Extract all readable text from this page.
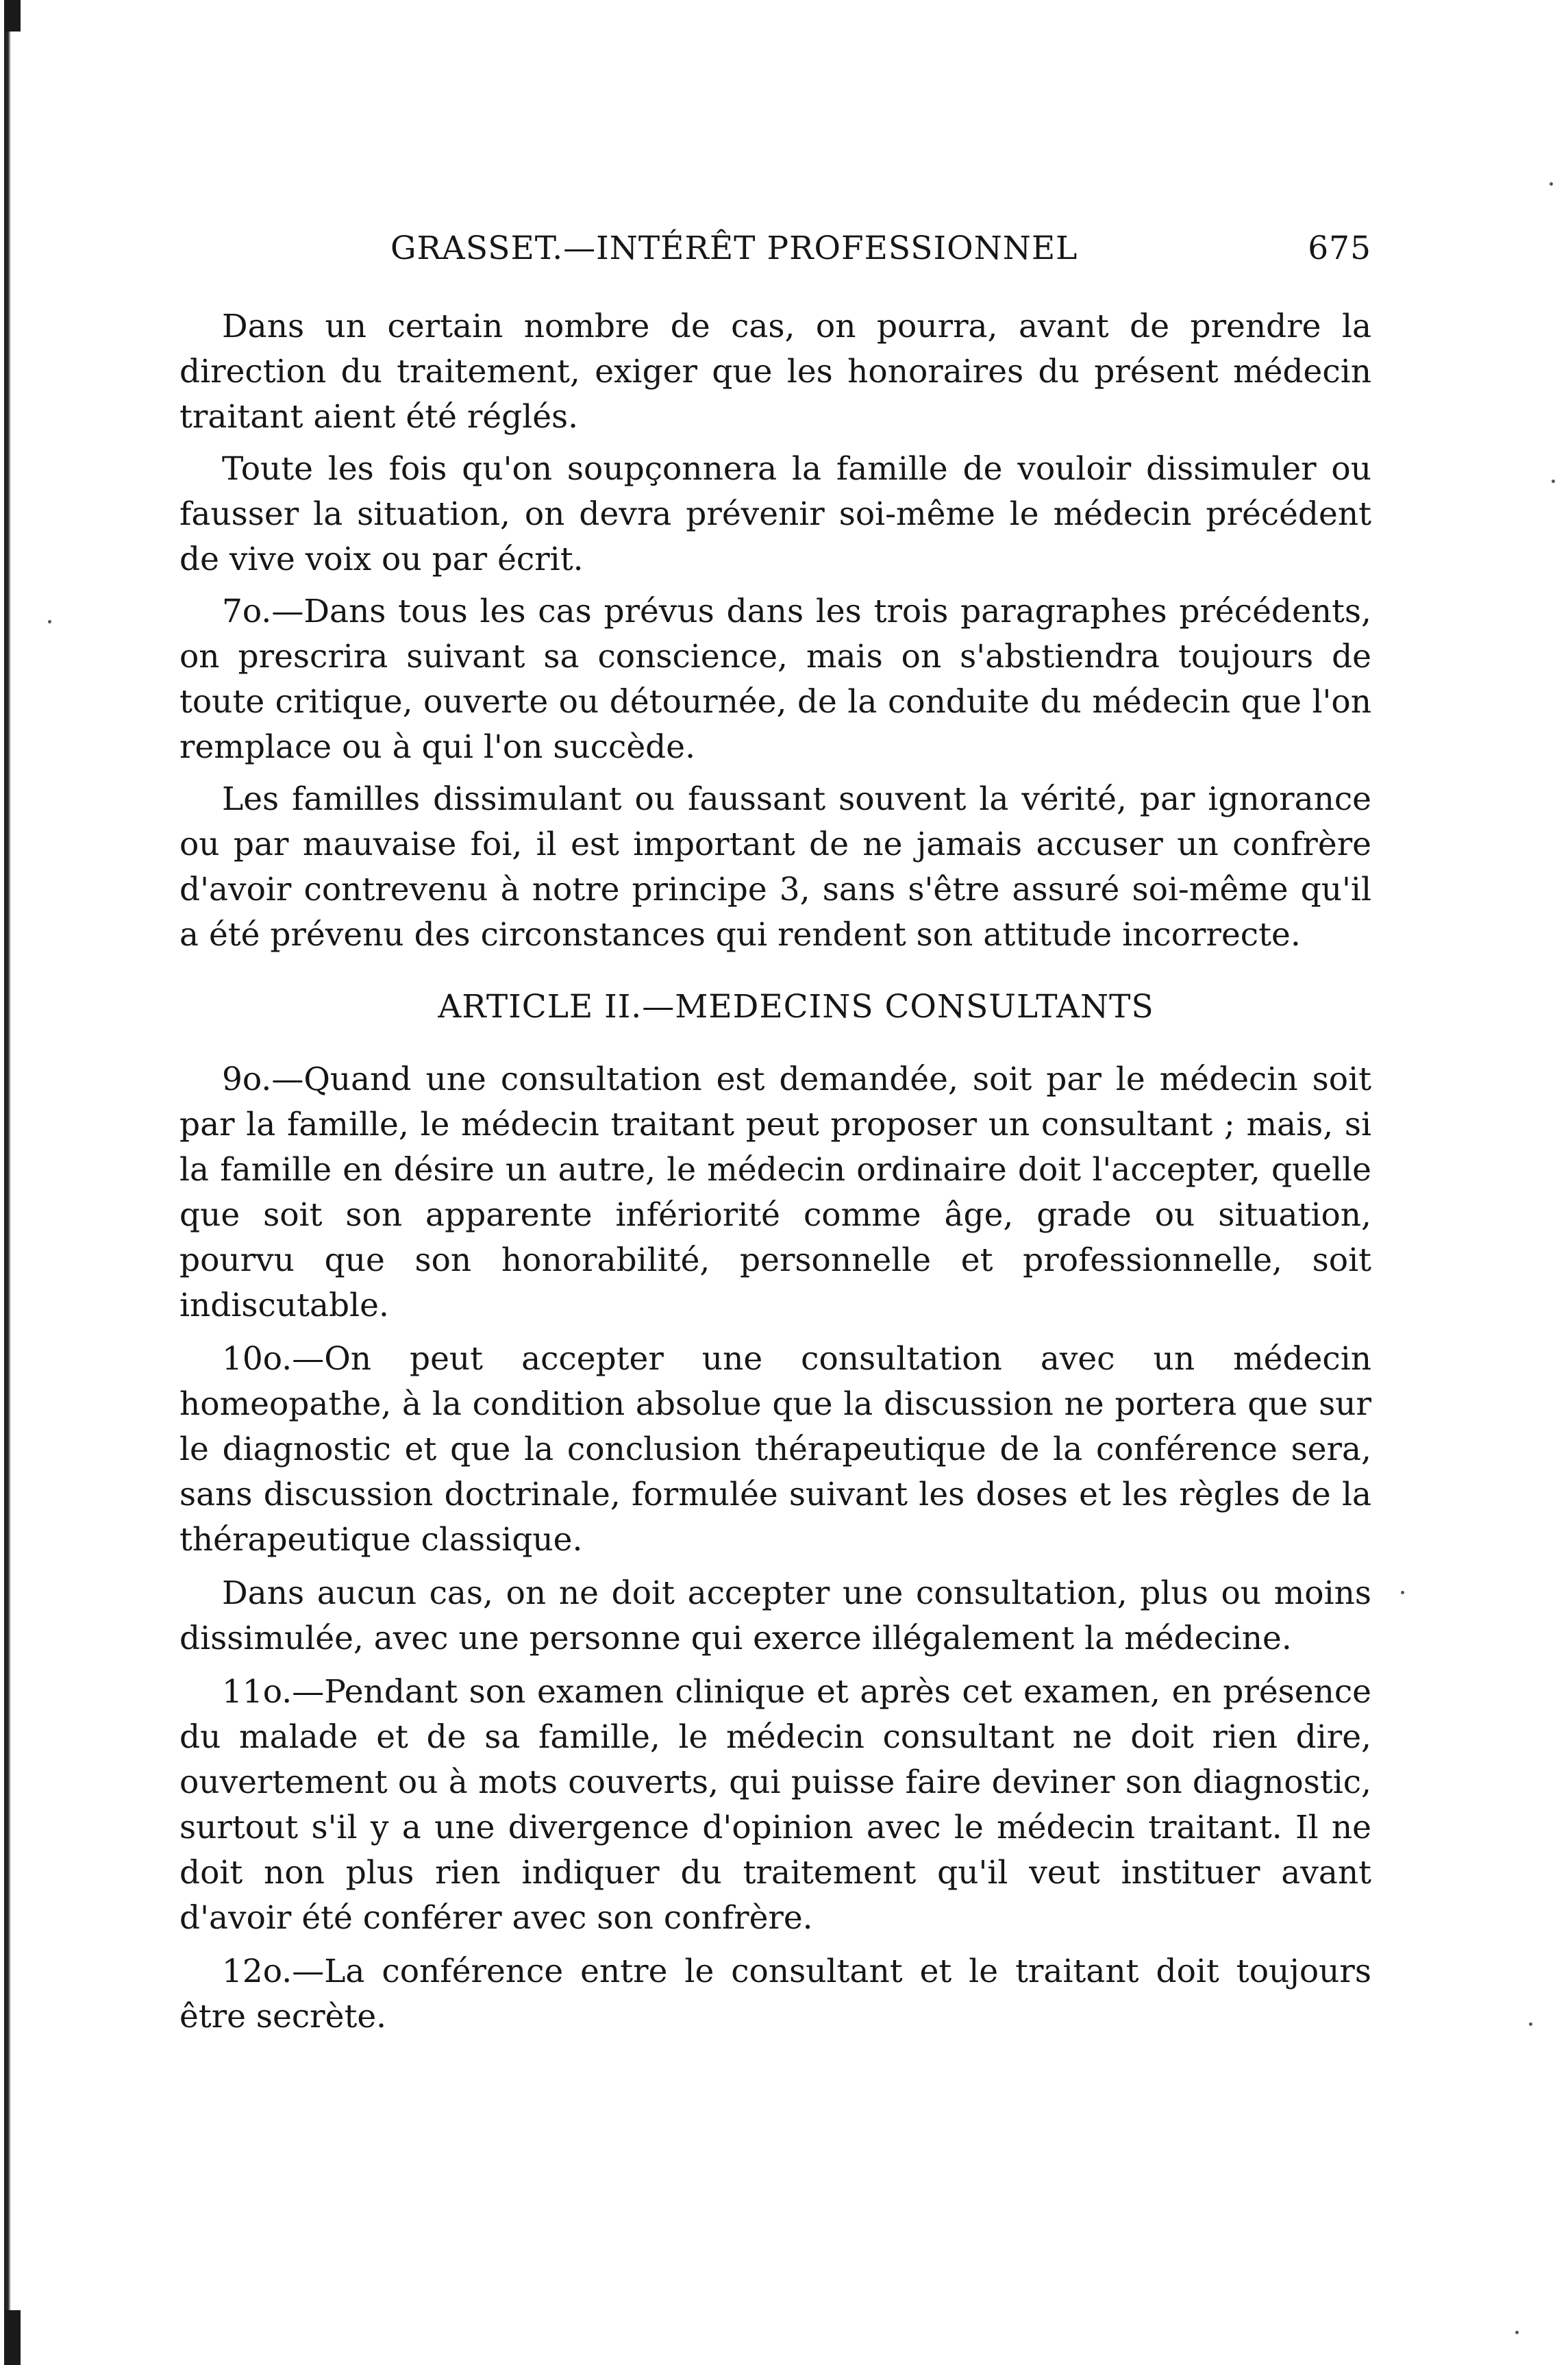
GRASSET.—INTÉRÊT PROFESSIONNEL	675

Dans un certain nombre de cas, on pourra, avant de prendre la direction du traitement, exiger que les honoraires du présent médecin traitant aient été réglés.

Toute les fois qu'on soupçonnera la famille de vouloir dissimuler ou fausser la situation, on devra prévenir soi-même le médecin précédent de vive voix ou par écrit.

7o.—Dans tous les cas prévus dans les trois paragraphes précédents, on prescrira suivant sa conscience, mais on s'abstiendra toujours de toute critique, ouverte ou détournée, de la conduite du médecin que l'on remplace ou à qui l'on succède.

Les familles dissimulant ou faussant souvent la vérité, par ignorance ou par mauvaise foi, il est important de ne jamais accuser un confrère d'avoir contrevenu à notre principe 3, sans s'être assuré soi-même qu'il a été prévenu des circonstances qui rendent son attitude incorrecte.

ARTICLE II.—MEDECINS CONSULTANTS

9o.—Quand une consultation est demandée, soit par le médecin soit par la famille, le médecin traitant peut proposer un consultant ; mais, si la famille en désire un autre, le médecin ordinaire doit l'accepter, quelle que soit son apparente infériorité comme âge, grade ou situation, pourvu que son honorabilité, personnelle et professionnelle, soit indiscutable.

10o.—On peut accepter une consultation avec un médecin homeopathe, à la condition absolue que la discussion ne portera que sur le diagnostic et que la conclusion thérapeutique de la conférence sera, sans discussion doctrinale, formulée suivant les doses et les règles de la thérapeutique classique.

Dans aucun cas, on ne doit accepter une consultation, plus ou moins dissimulée, avec une personne qui exerce illégalement la médecine.

11o.—Pendant son examen clinique et après cet examen, en présence du malade et de sa famille, le médecin consultant ne doit rien dire, ouvertement ou à mots couverts, qui puisse faire deviner son diagnostic, surtout s'il y a une divergence d'opinion avec le médecin traitant. Il ne doit non plus rien indiquer du traitement qu'il veut instituer avant d'avoir été conférer avec son confrère.

12o.—La conférence entre le consultant et le traitant doit toujours être secrète.
